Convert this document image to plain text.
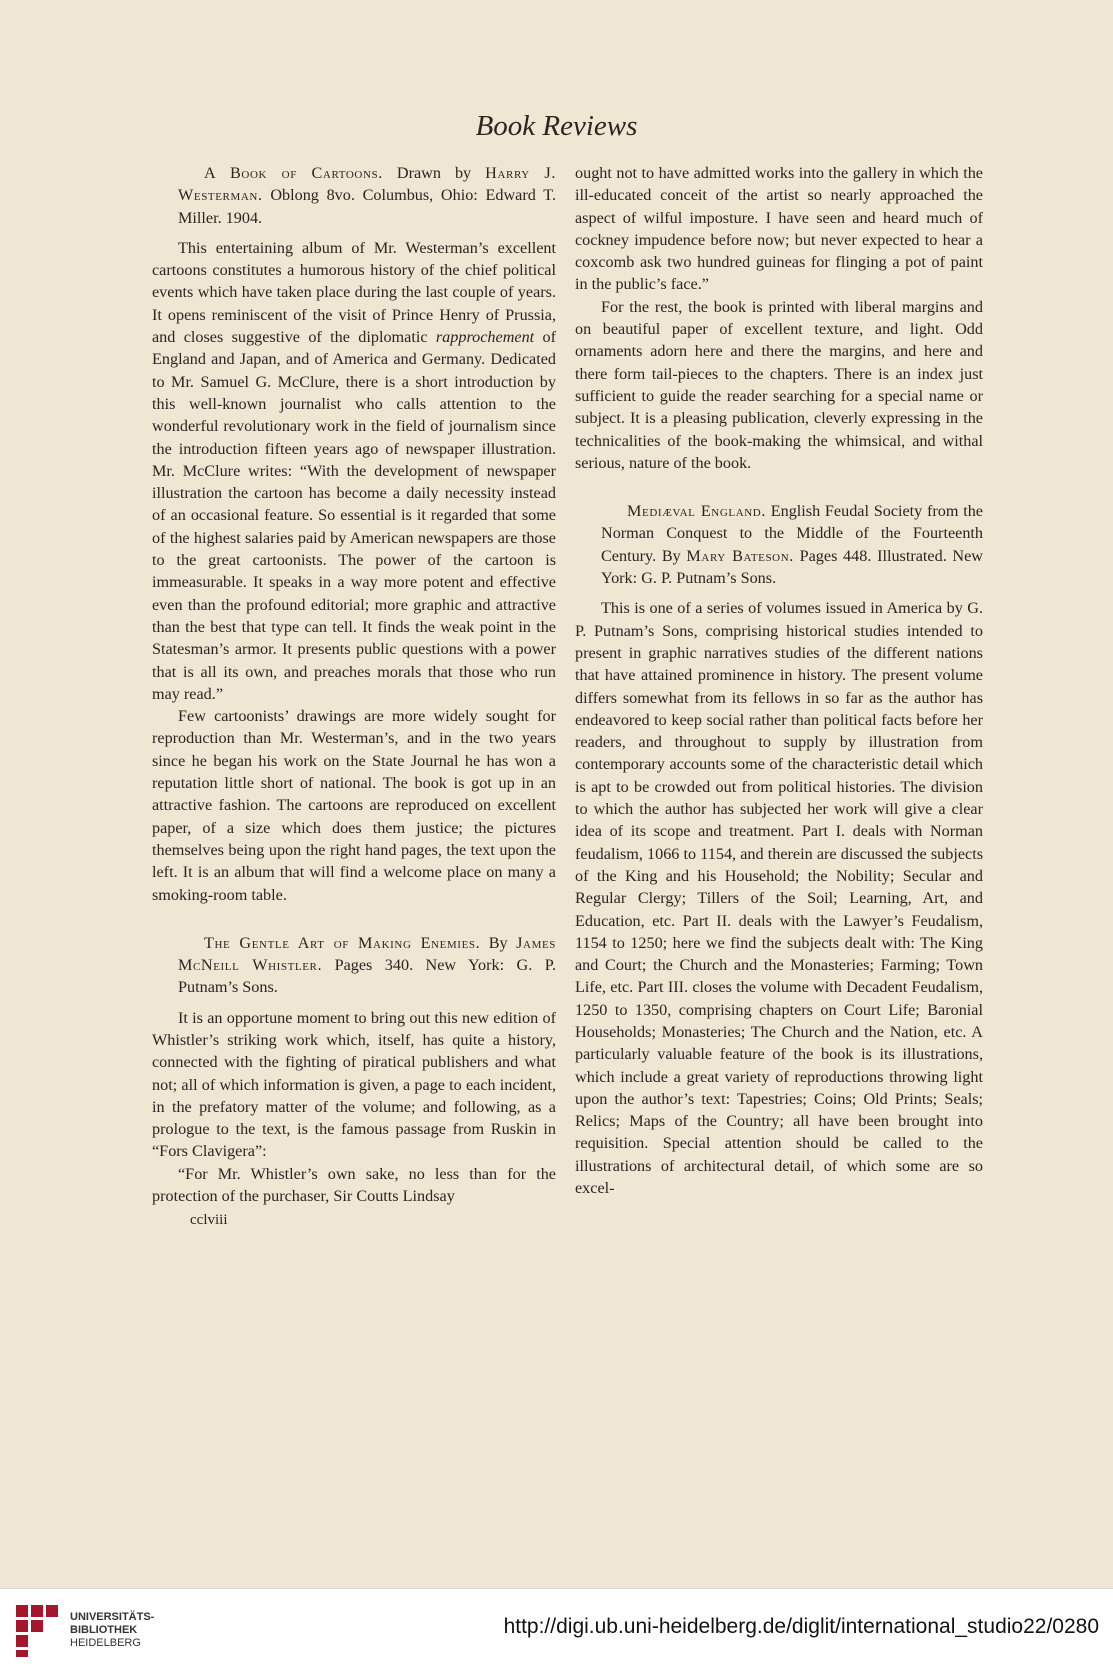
Book Reviews

A Book of Cartoons. Drawn by Harry J. Westerman. Oblong 8vo. Columbus, Ohio: Edward T. Miller. 1904.

This entertaining album of Mr. Westerman’s excellent cartoons constitutes a humorous history of the chief political events which have taken place during the last couple of years. It opens reminiscent of the visit of Prince Henry of Prussia, and closes suggestive of the diplomatic rapprochement of England and Japan, and of America and Germany. Dedicated to Mr. Samuel G. McClure, there is a short introduction by this well-known journalist who calls attention to the wonderful revolutionary work in the field of journalism since the introduction fifteen years ago of newspaper illustration. Mr. McClure writes: “With the development of newspaper illustration the cartoon has become a daily necessity instead of an occasional feature. So essential is it regarded that some of the highest salaries paid by American newspapers are those to the great cartoonists. The power of the cartoon is immeasurable. It speaks in a way more potent and effective even than the profound editorial; more graphic and attractive than the best that type can tell. It finds the weak point in the Statesman’s armor. It presents public questions with a power that is all its own, and preaches morals that those who run may read.”

Few cartoonists’ drawings are more widely sought for reproduction than Mr. Westerman’s, and in the two years since he began his work on the State Journal he has won a reputation little short of national. The book is got up in an attractive fashion. The cartoons are reproduced on excellent paper, of a size which does them justice; the pictures themselves being upon the right hand pages, the text upon the left. It is an album that will find a welcome place on many a smoking-room table.

The Gentle Art of Making Enemies. By James McNeill Whistler. Pages 340. New York: G. P. Putnam’s Sons.

It is an opportune moment to bring out this new edition of Whistler’s striking work which, itself, has quite a history, connected with the fighting of piratical publishers and what not; all of which information is given, a page to each incident, in the prefatory matter of the volume; and following, as a prologue to the text, is the famous passage from Ruskin in “Fors Clavigera”:

“For Mr. Whistler’s own sake, no less than for the protection of the purchaser, Sir Coutts Lindsay

cclviii

ought not to have admitted works into the gallery in which the ill-educated conceit of the artist so nearly approached the aspect of wilful imposture. I have seen and heard much of cockney impudence before now; but never expected to hear a coxcomb ask two hundred guineas for flinging a pot of paint in the public’s face.”

For the rest, the book is printed with liberal margins and on beautiful paper of excellent texture, and light. Odd ornaments adorn here and there the margins, and here and there form tail-pieces to the chapters. There is an index just sufficient to guide the reader searching for a special name or subject. It is a pleasing publication, cleverly expressing in the technicalities of the book-making the whimsical, and withal serious, nature of the book.

Mediæval England. English Feudal Society from the Norman Conquest to the Middle of the Fourteenth Century. By Mary Bateson. Pages 448. Illustrated. New York: G. P. Putnam’s Sons.

This is one of a series of volumes issued in America by G. P. Putnam’s Sons, comprising historical studies intended to present in graphic narratives studies of the different nations that have attained prominence in history. The present volume differs somewhat from its fellows in so far as the author has endeavored to keep social rather than political facts before her readers, and throughout to supply by illustration from contemporary accounts some of the characteristic detail which is apt to be crowded out from political histories. The division to which the author has subjected her work will give a clear idea of its scope and treatment. Part I. deals with Norman feudalism, 1066 to 1154, and therein are discussed the subjects of the King and his Household; the Nobility; Secular and Regular Clergy; Tillers of the Soil; Learning, Art, and Education, etc. Part II. deals with the Lawyer’s Feudalism, 1154 to 1250; here we find the subjects dealt with: The King and Court; the Church and the Monasteries; Farming; Town Life, etc. Part III. closes the volume with Decadent Feudalism, 1250 to 1350, comprising chapters on Court Life; Baronial Households; Monasteries; The Church and the Nation, etc. A particularly valuable feature of the book is its illustrations, which include a great variety of reproductions throwing light upon the author’s text: Tapestries; Coins; Old Prints; Seals; Relics; Maps of the Country; all have been brought into requisition. Special attention should be called to the illustrations of architectural detail, of which some are so excel-

UNIVERSITÄTS-
BIBLIOTHEK
HEIDELBERG
http://digi.ub.uni-heidelberg.de/diglit/international_studio22/0280
